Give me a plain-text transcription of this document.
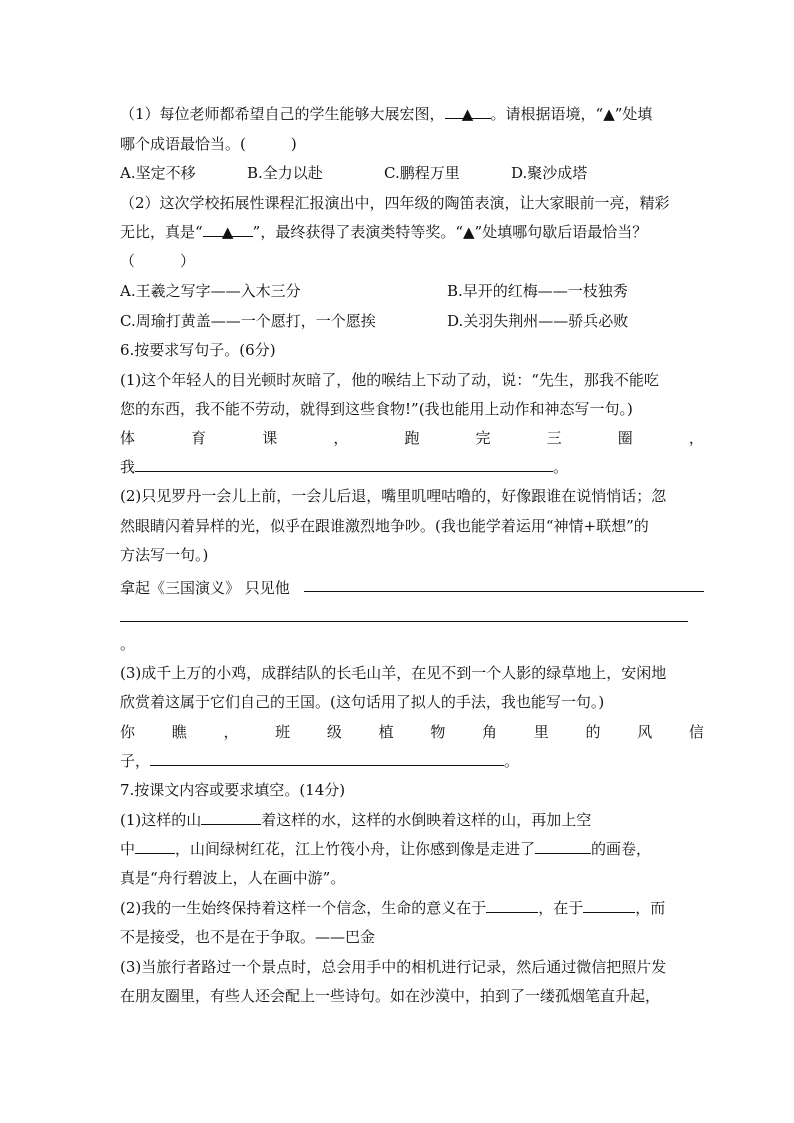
（1）每位老师都希望自己的学生能够大展宏图， ▲ 。请根据语境，“▲”处填
哪个成语最恰当。(　　　)
A.坚定不移	B.全力以赴	C.鹏程万里	D.聚沙成塔
（2）这次学校拓展性课程汇报演出中，四年级的陶笛表演，让大家眼前一亮，精彩
无比，真是“ ▲ ”，最终获得了表演类特等奖。“▲”处填哪句歇后语最恰当？
（　　　）
A.王羲之写字——入木三分	B.早开的红梅——一枝独秀
C.周瑜打黄盖——一个愿打，一个愿挨	D.关羽失荆州——骄兵必败
6.按要求写句子。(6分)
(1)这个年轻人的目光顿时灰暗了，他的喉结上下动了动，说：“先生，那我不能吃
您的东西，我不能不劳动，就得到这些食物!”(我也能用上动作和神态写一句。)
体	育	课	，	跑	完	三	圈	，
我	。
(2)只见罗丹一会儿上前，一会儿后退，嘴里叽哩咕噜的，好像跟谁在说悄悄话；忽
然眼睛闪着异样的光，似乎在跟谁激烈地争吵。(我也能学着运用“神情+联想”的
方法写一句。)
拿起《三国演义》 只见他
。
(3)成千上万的小鸡，成群结队的长毛山羊，在见不到一个人影的绿草地上，安闲地
欣赏着这属于它们自己的王国。(这句话用了拟人的手法，我也能写一句。)
你 瞧 ， 班 级 植 物 角 里 的 风 信
子，	。
7.按课文内容或要求填空。(14分)
(1)这样的山	着这样的水，这样的水倒映着这样的山，再加上空
中	，山间绿树红花，江上竹筏小舟，让你感到像是走进了	的画卷，
真是“舟行碧波上，人在画中游”。
(2)我的一生始终保持着这样一个信念，生命的意义在于	，在于	，而
不是接受，也不是在于争取。——巴金
(3)当旅行者路过一个景点时，总会用手中的相机进行记录，然后通过微信把照片发
在朋友圈里，有些人还会配上一些诗句。如在沙漠中，拍到了一缕孤烟笔直升起，
